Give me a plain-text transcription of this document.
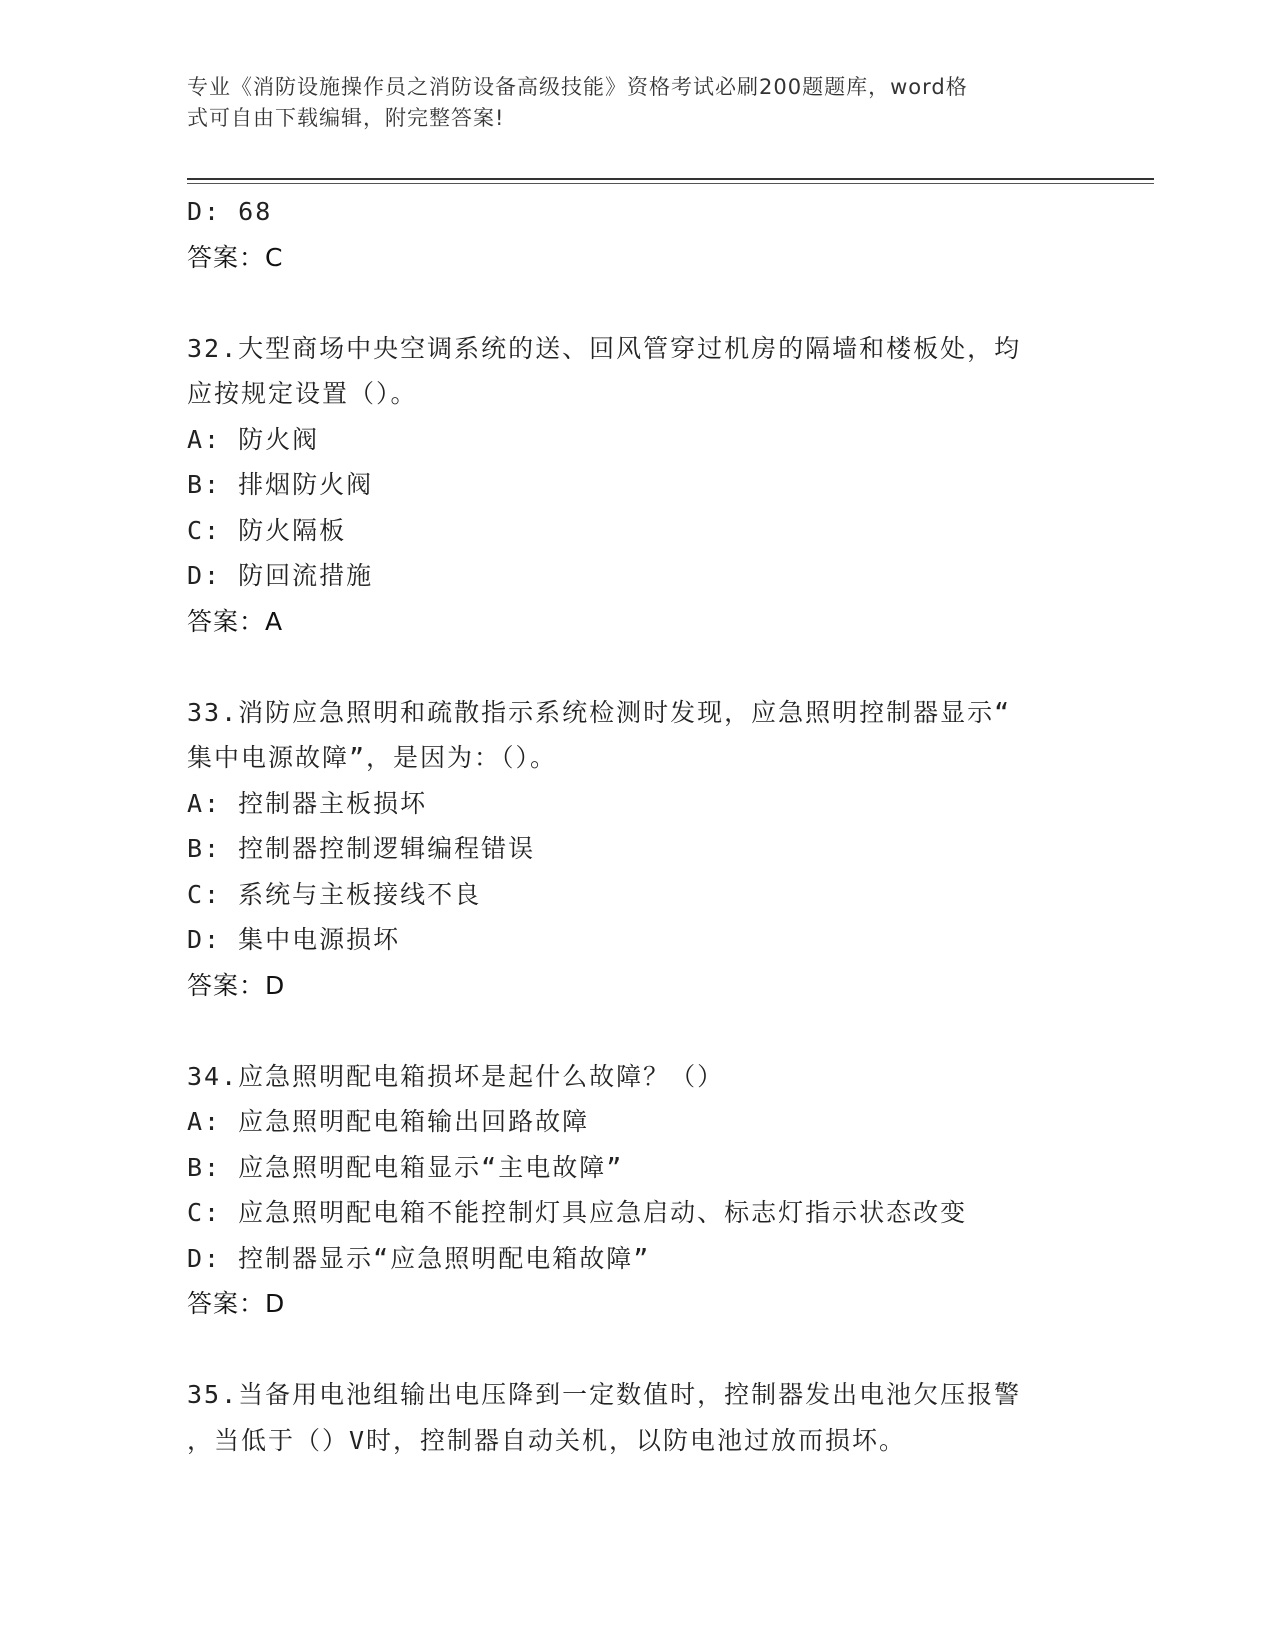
专业《消防设施操作员之消防设备高级技能》资格考试必刷200题题库，word格
式可自由下载编辑，附完整答案!
D: 68
答案：C
32.大型商场中央空调系统的送、回风管穿过机房的隔墙和楼板处，均
应按规定设置（）。
A: 防火阀
B: 排烟防火阀
C: 防火隔板
D: 防回流措施
答案：A
33.消防应急照明和疏散指示系统检测时发现，应急照明控制器显示“
集中电源故障”，是因为：（）。
A: 控制器主板损坏
B: 控制器控制逻辑编程错误
C: 系统与主板接线不良
D: 集中电源损坏
答案：D
34.应急照明配电箱损坏是起什么故障？（）
A: 应急照明配电箱输出回路故障
B: 应急照明配电箱显示“主电故障”
C: 应急照明配电箱不能控制灯具应急启动、标志灯指示状态改变
D: 控制器显示“应急照明配电箱故障”
答案：D
35.当备用电池组输出电压降到一定数值时，控制器发出电池欠压报警
，当低于（）V时，控制器自动关机，以防电池过放而损坏。
